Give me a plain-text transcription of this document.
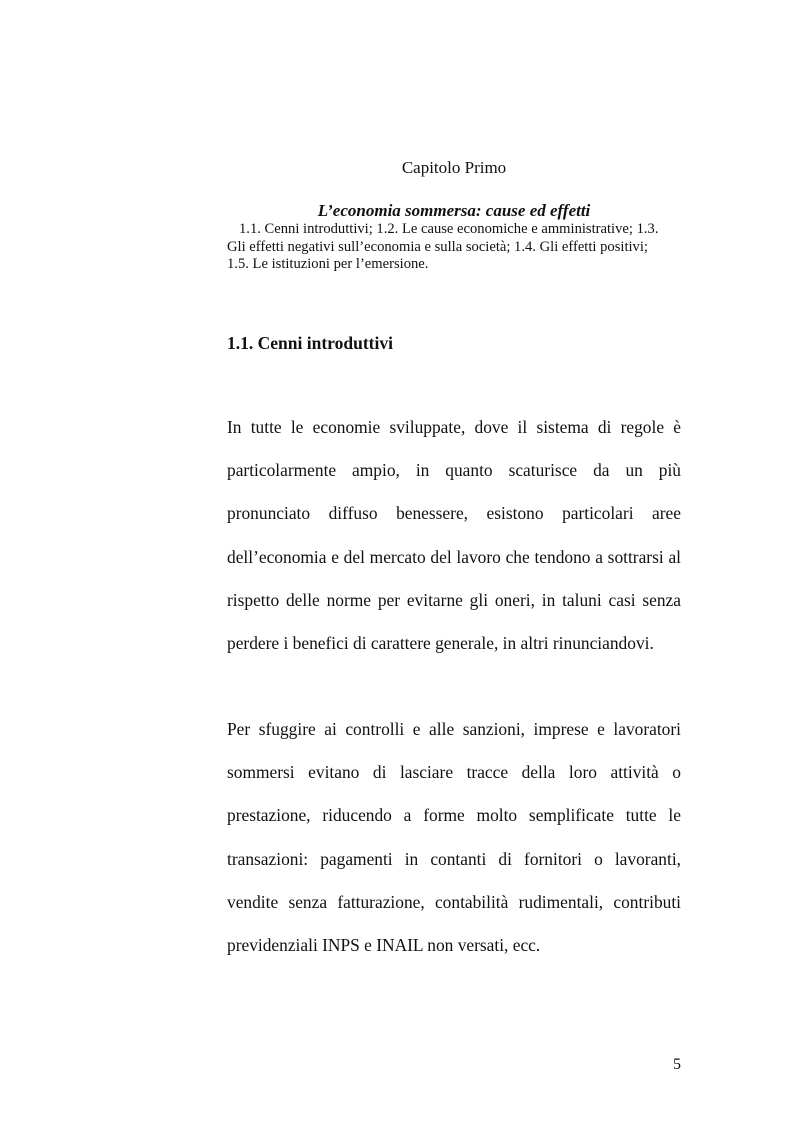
Capitolo Primo
L’economia sommersa: cause ed effetti

1.1. Cenni introduttivi; 1.2. Le cause economiche e amministrative; 1.3. Gli effetti negativi sull’economia e sulla società; 1.4. Gli effetti positivi; 1.5. Le istituzioni per l’emersione.

1.1. Cenni introduttivi

In tutte le economie sviluppate, dove il sistema di regole è particolarmente ampio, in quanto scaturisce da un più pronunciato diffuso benessere, esistono particolari aree dell’economia e del mercato del lavoro che tendono a sottrarsi al rispetto delle norme per evitarne gli oneri, in taluni casi senza perdere i benefici di carattere generale, in altri rinunciandovi.

Per sfuggire ai controlli e alle sanzioni, imprese e lavoratori sommersi evitano di lasciare tracce della loro attività o prestazione, riducendo a forme molto semplificate tutte le transazioni: pagamenti in contanti di fornitori o lavoranti, vendite senza fatturazione, contabilità rudimentali, contributi previdenziali INPS e INAIL non versati, ecc.

5
